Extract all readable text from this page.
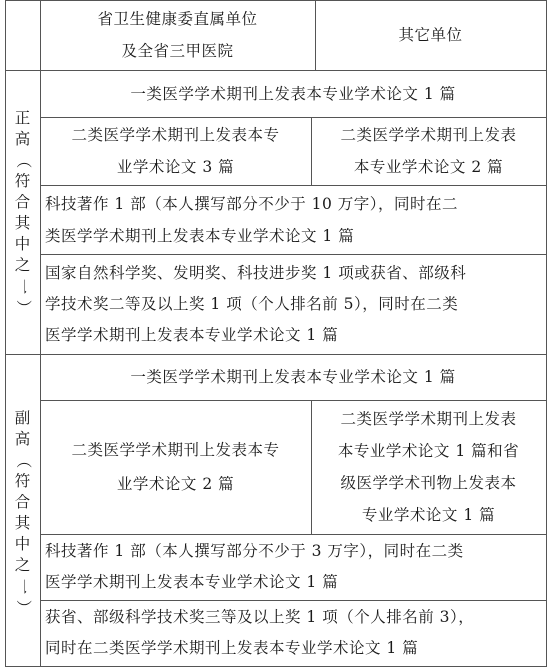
省卫生健康委直属单位
及全省三甲医院
其它单位
正
高
（
符
合
其
中
之
一
）
一类医学学术期刊上发表本专业学术论文 1 篇
二类医学学术期刊上发表本专
业学术论文 3 篇
二类医学学术期刊上发表
本专业学术论文 2 篇
科技著作 1 部（本人撰写部分不少于 10 万字），同时在二
类医学学术期刊上发表本专业学术论文 1 篇
国家自然科学奖、发明奖、科技进步奖 1 项或获省、部级科
学技术奖二等及以上奖 1 项（个人排名前 5），同时在二类
医学学术期刊上发表本专业学术论文 1 篇
副
高
（
符
合
其
中
之
一
）
一类医学学术期刊上发表本专业学术论文 1 篇
二类医学学术期刊上发表本专
业学术论文 2 篇
二类医学学术期刊上发表
本专业学术论文 1 篇和省
级医学学术刊物上发表本
专业学术论文 1 篇
科技著作 1 部（本人撰写部分不少于 3 万字），同时在二类
医学学术期刊上发表本专业学术论文 1 篇
获省、部级科学技术奖三等及以上奖 1 项（个人排名前 3），
同时在二类医学学术期刊上发表本专业学术论文 1 篇
